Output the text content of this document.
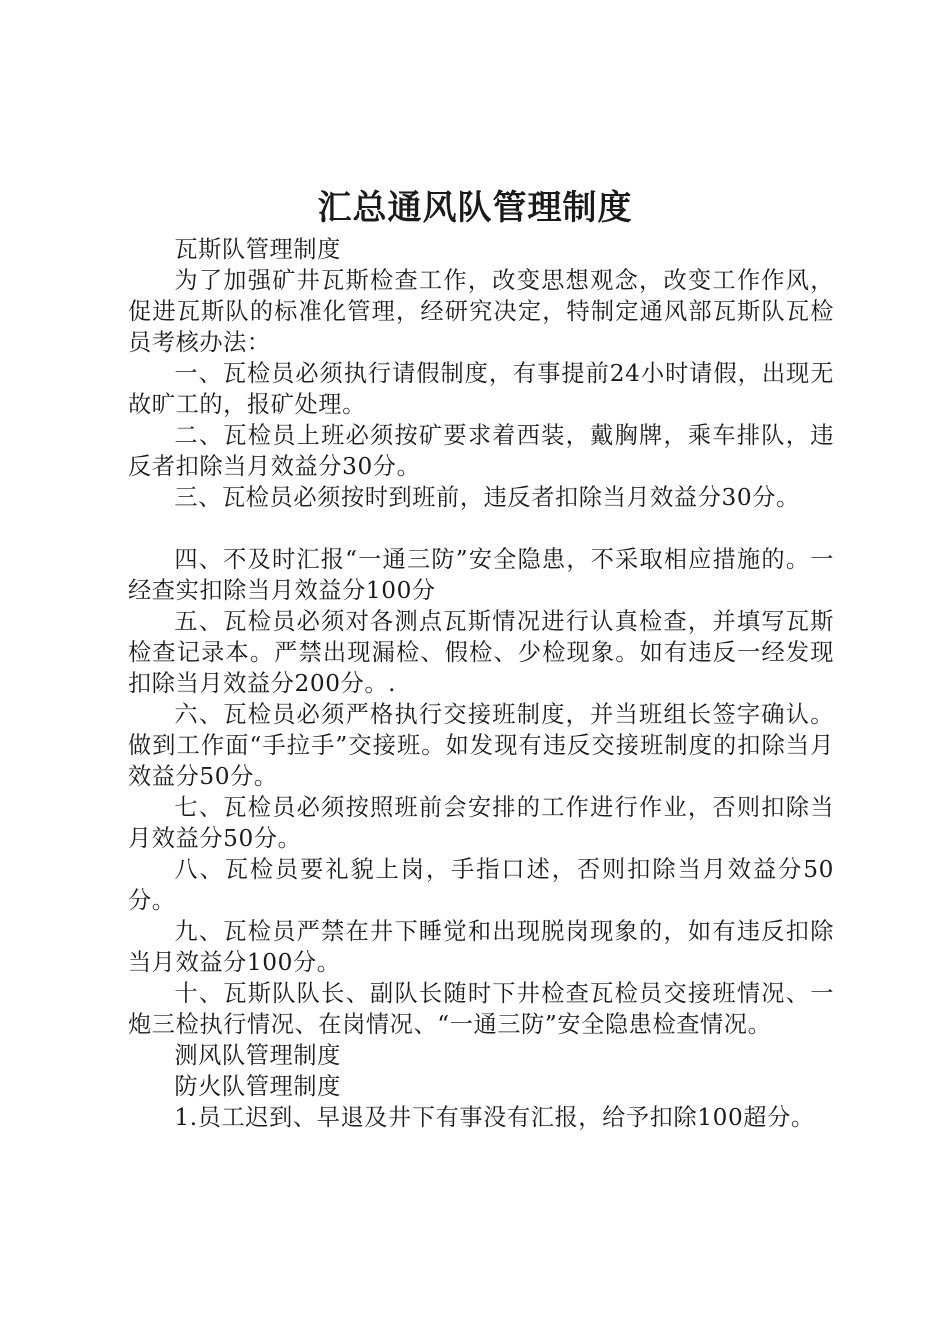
汇总通风队管理制度

瓦斯队管理制度

为了加强矿井瓦斯检查工作，改变思想观念，改变工作作风，促进瓦斯队的标准化管理，经研究决定，特制定通风部瓦斯队瓦检员考核办法：

一、瓦检员必须执行请假制度，有事提前24小时请假，出现无故旷工的，报矿处理。

二、瓦检员上班必须按矿要求着西装，戴胸牌，乘车排队，违反者扣除当月效益分30分。

三、瓦检员必须按时到班前，违反者扣除当月效益分30分。

四、不及时汇报“一通三防”安全隐患，不采取相应措施的。一经查实扣除当月效益分100分

五、瓦检员必须对各测点瓦斯情况进行认真检查，并填写瓦斯检查记录本。严禁出现漏检、假检、少检现象。如有违反一经发现扣除当月效益分200分。.

六、瓦检员必须严格执行交接班制度，并当班组长签字确认。做到工作面“手拉手”交接班。如发现有违反交接班制度的扣除当月效益分50分。

七、瓦检员必须按照班前会安排的工作进行作业，否则扣除当月效益分50分。

八、瓦检员要礼貌上岗，手指口述，否则扣除当月效益分50分。

九、瓦检员严禁在井下睡觉和出现脱岗现象的，如有违反扣除当月效益分100分。

十、瓦斯队队长、副队长随时下井检查瓦检员交接班情况、一炮三检执行情况、在岗情况、“一通三防”安全隐患检查情况。

测风队管理制度

防火队管理制度

1.员工迟到、早退及井下有事没有汇报，给予扣除100超分。
